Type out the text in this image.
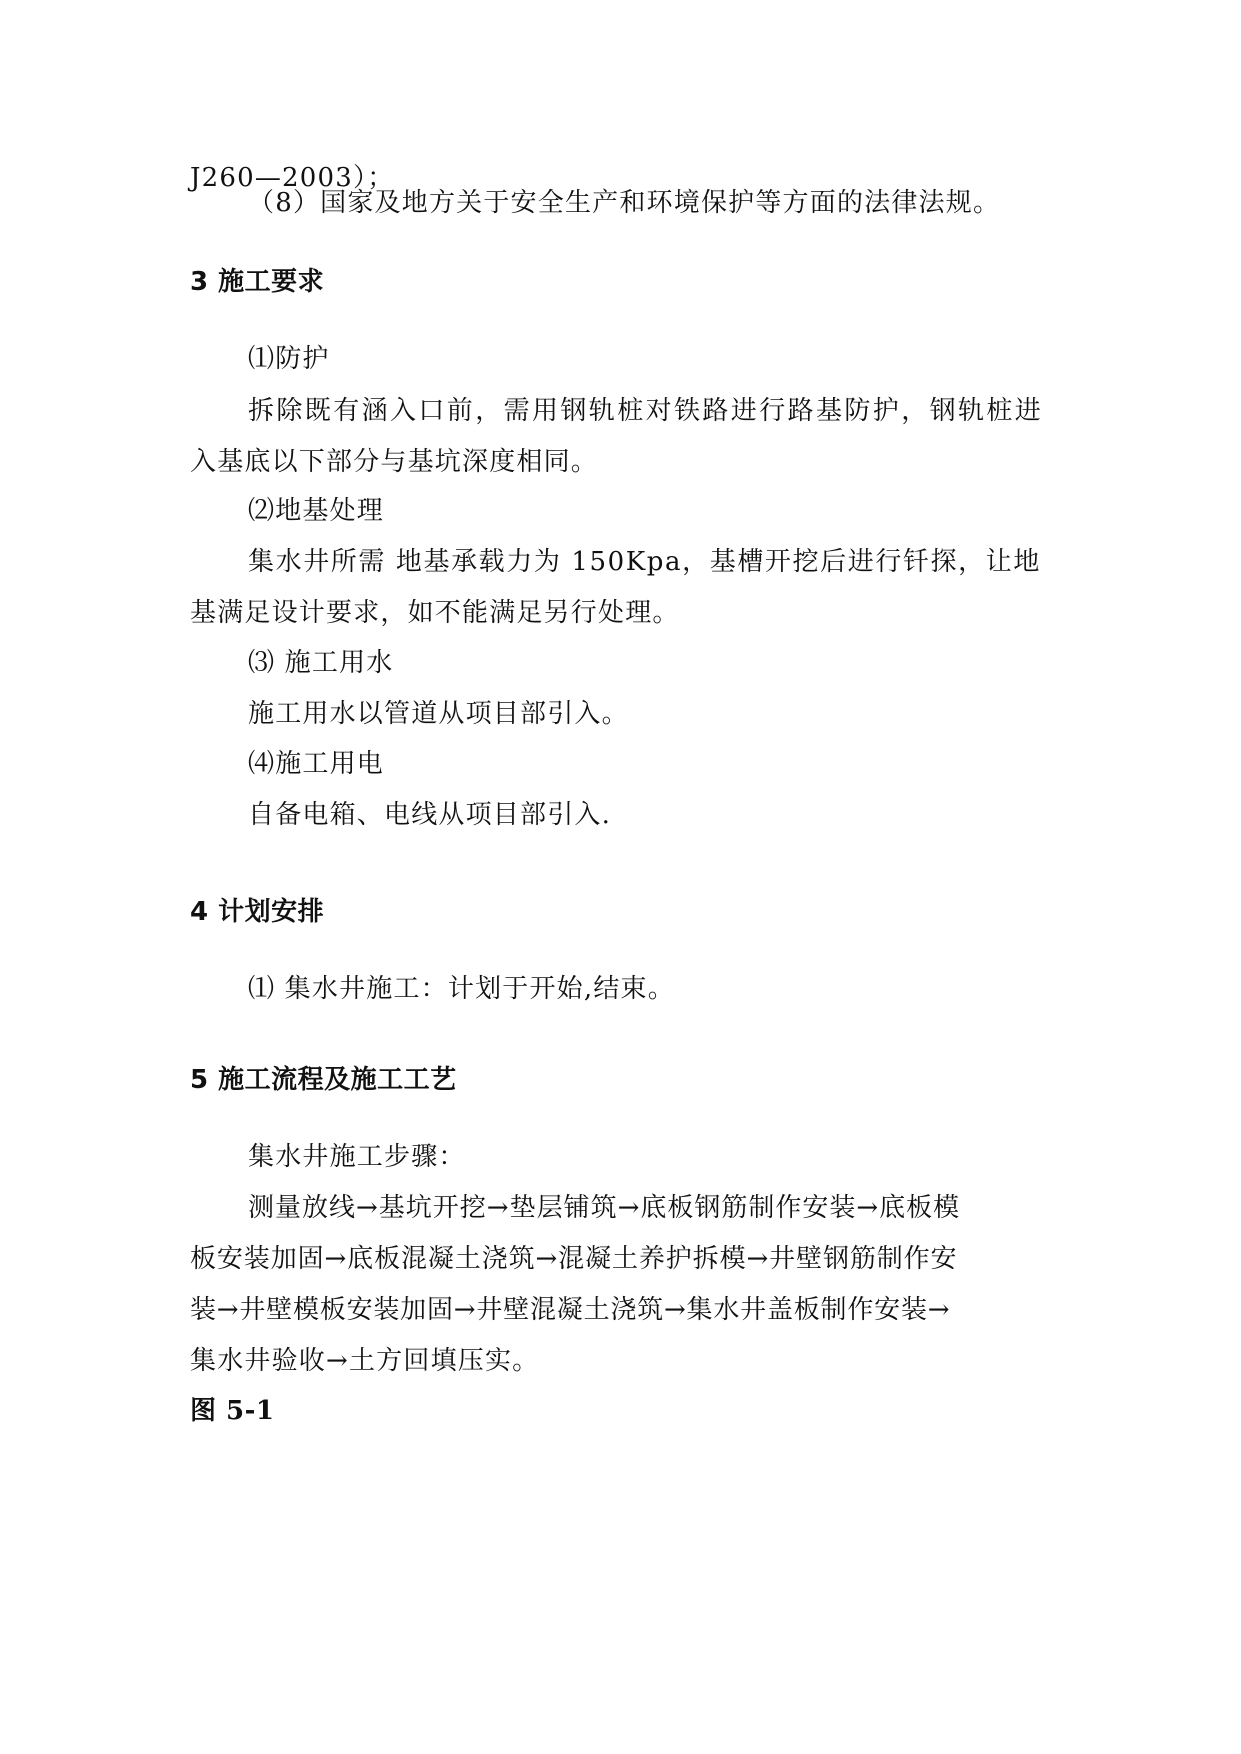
J260—2003）；
（8）国家及地方关于安全生产和环境保护等方面的法律法规。
3 施工要求
⑴防护
拆除既有涵入口前，需用钢轨桩对铁路进行路基防护，钢轨桩进
入基底以下部分与基坑深度相同。
⑵地基处理
集水井所需 地基承载力为 150Kpa，基槽开挖后进行钎探，让地
基满足设计要求，如不能满足另行处理。
⑶ 施工用水
施工用水以管道从项目部引入。
⑷施工用电
自备电箱、电线从项目部引入.
4 计划安排
⑴ 集水井施工：计划于开始,结束。
5 施工流程及施工工艺
集水井施工步骤：
测量放线→基坑开挖→垫层铺筑→底板钢筋制作安装→底板模
板安装加固→底板混凝土浇筑→混凝土养护拆模→井壁钢筋制作安
装→井壁模板安装加固→井壁混凝土浇筑→集水井盖板制作安装→
集水井验收→土方回填压实。
图 5-1
